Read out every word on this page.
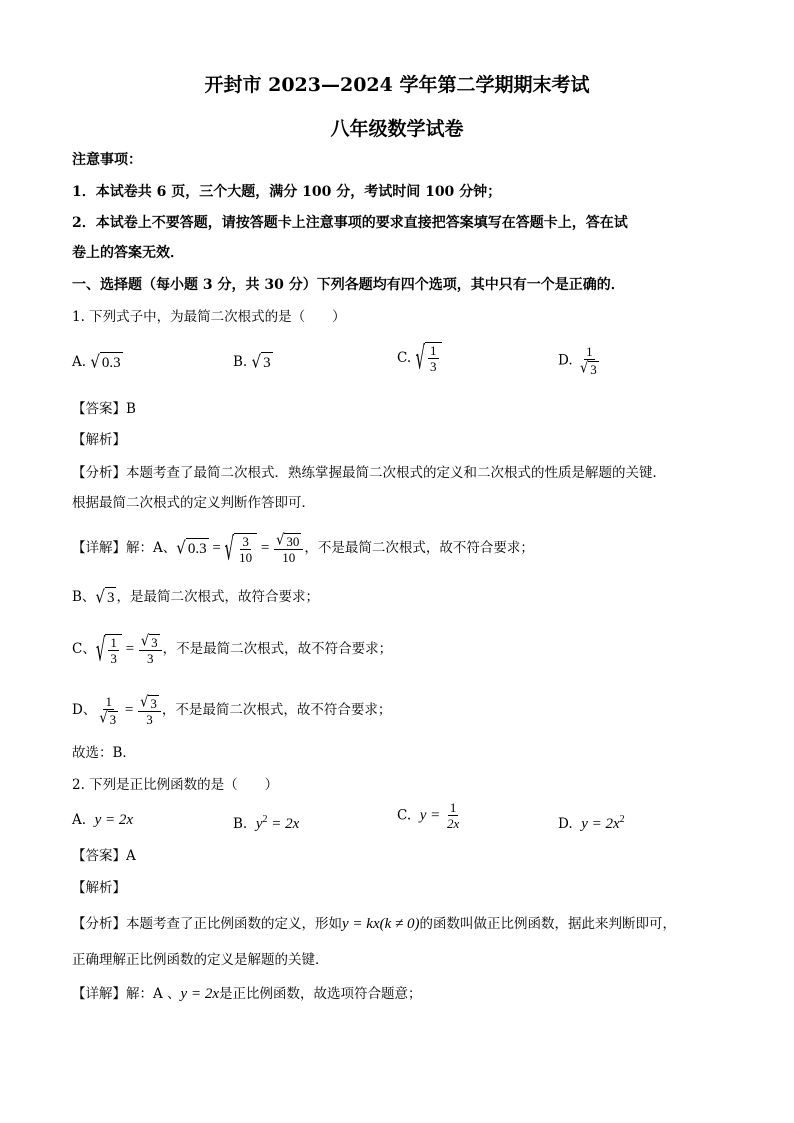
开封市 2023—2024 学年第二学期期末考试
八年级数学试卷
注意事项：
1．本试卷共 6 页，三个大题，满分 100 分，考试时间 100 分钟；
2．本试卷上不要答题，请按答题卡上注意事项的要求直接把答案填写在答题卡上，答在试
卷上的答案无效．
一、选择题（每小题 3 分，共 30 分）下列各题均有四个选项，其中只有一个是正确的．
1. 下列式子中，为最简二次根式的是（　　）
A. √ 0.3	B. √ 3	C. √ $\frac{1}{3}$	D. $\frac{1}{√ 3}$
【答案】B
【解析】
【分析】本题考查了最简二次根式．熟练掌握最简二次根式的定义和二次根式的性质是解题的关键．
根据最简二次根式的定义判断作答即可．
【详解】解：A、 √ 0.3 = √ $\frac{3}{10} = \frac{√ 30}{10}$ ，不是最简二次根式，故不符合要求；
B、 √ 3 ，是最简二次根式，故符合要求；
C、 √ $\frac{1}{3} = \frac{√ 3}{3}$ ，不是最简二次根式，故不符合要求；
D、 $\frac{1}{√ 3} = \frac{√ 3}{3}$ ，不是最简二次根式，故不符合要求；
故选：B．
2. 下列是正比例函数的是（　　）
A. y = 2x	B. $y^2 = 2x$
C. $y = \frac{1}{2x}$	D. $y = 2x^2$
【答案】A
【解析】
【分析】本题考查了正比例函数的定义，形如y = kx(k ≠ 0)的函数叫做正比例函数，据此来判断即可，
正确理解正比例函数的定义是解题的关键．
【详解】解：A 、y = 2x是正比例函数，故选项符合题意；
